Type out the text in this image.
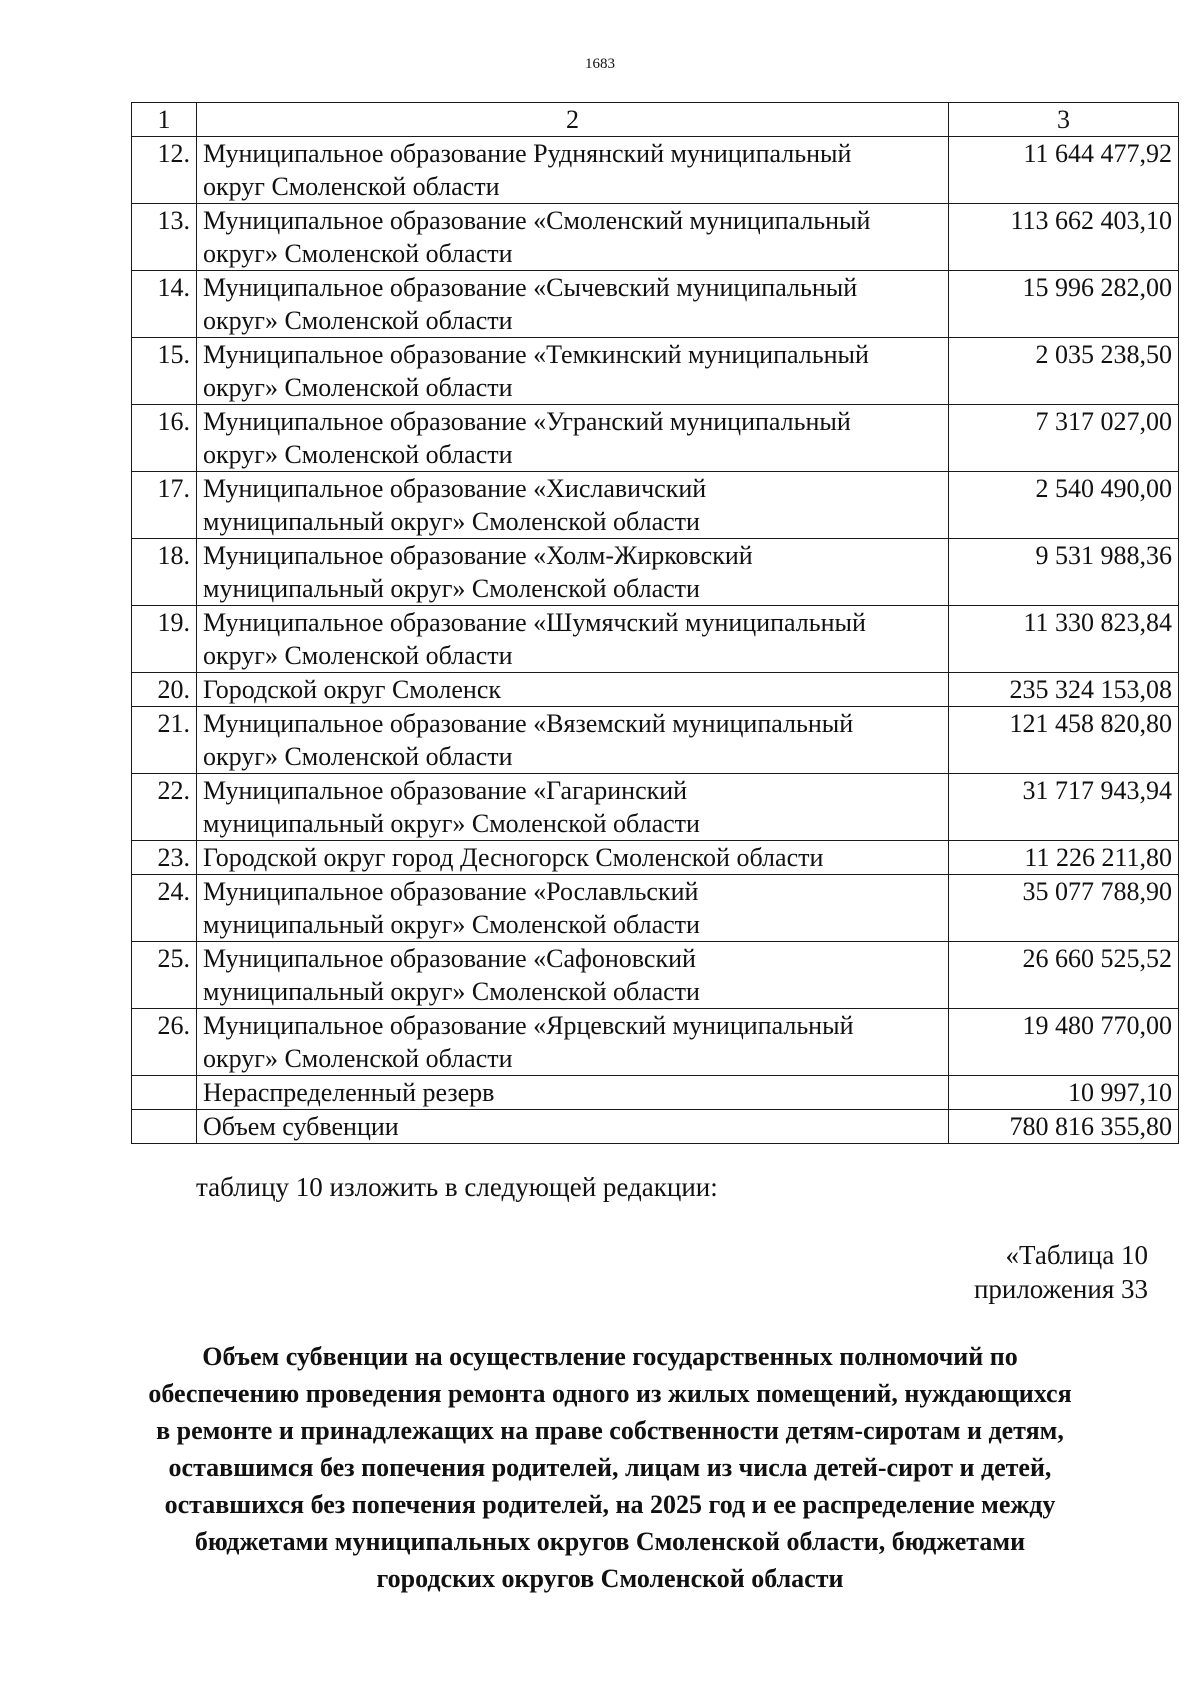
1683
1	2	3
12.	Муниципальное образование Руднянский муниципальный
округ Смоленской области	11 644 477,92
13.	Муниципальное образование «Смоленский муниципальный
округ» Смоленской области	113 662 403,10
14.	Муниципальное образование «Сычевский муниципальный
округ» Смоленской области	15 996 282,00
15.	Муниципальное образование «Темкинский муниципальный
округ» Смоленской области	2 035 238,50
16.	Муниципальное образование «Угранский муниципальный
округ» Смоленской области	7 317 027,00
17.	Муниципальное образование «Хиславичский
муниципальный округ» Смоленской области	2 540 490,00
18.	Муниципальное образование «Холм-Жирковский
муниципальный округ» Смоленской области	9 531 988,36
19.	Муниципальное образование «Шумячский муниципальный
округ» Смоленской области	11 330 823,84
20.	Городской округ Смоленск	235 324 153,08
21.	Муниципальное образование «Вяземский муниципальный
округ» Смоленской области	121 458 820,80
22.	Муниципальное образование «Гагаринский
муниципальный округ» Смоленской области	31 717 943,94
23.	Городской округ город Десногорск Смоленской области	11 226 211,80
24.	Муниципальное образование «Рославльский
муниципальный округ» Смоленской области	35 077 788,90
25.	Муниципальное образование «Сафоновский
муниципальный округ» Смоленской области	26 660 525,52
26.	Муниципальное образование «Ярцевский муниципальный
округ» Смоленской области	19 480 770,00

	Нераспределенный резерв	10 997,10

	Объем субвенции	780 816 355,80
таблицу 10 изложить в следующей редакции:
«Таблица 10
приложения 33
Объем субвенции на осуществление государственных полномочий по
обеспечению проведения ремонта одного из жилых помещений, нуждающихся
в ремонте и принадлежащих на праве собственности детям-сиротам и детям,
оставшимся без попечения родителей, лицам из числа детей-сирот и детей,
оставшихся без попечения родителей, на 2025 год и ее распределение между
бюджетами муниципальных округов Смоленской области, бюджетами
городских округов Смоленской области
